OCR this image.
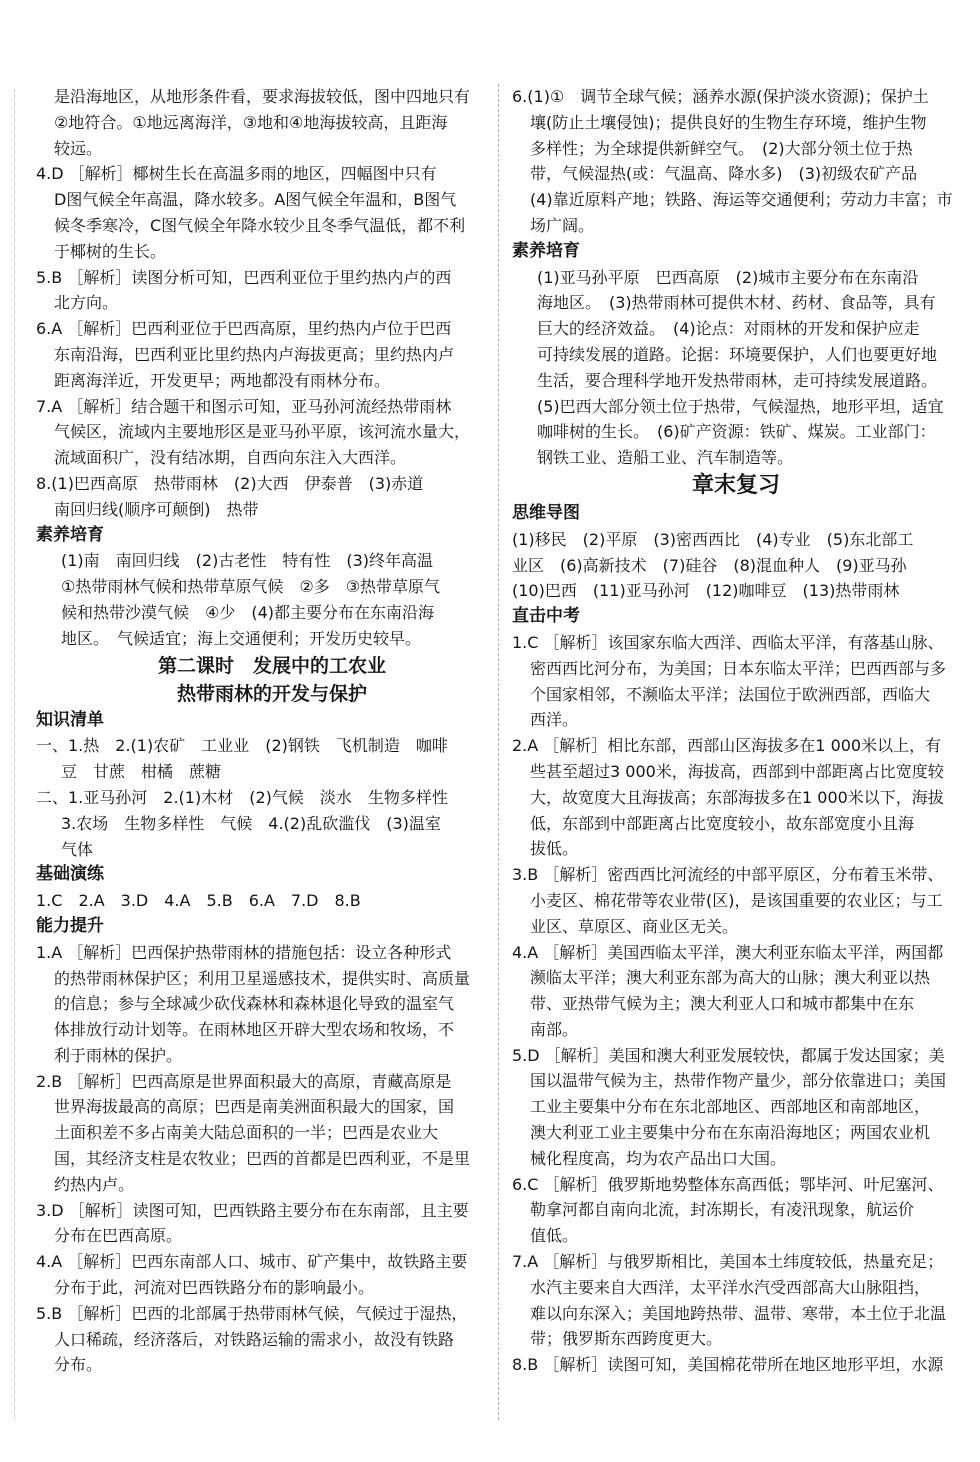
是沿海地区，从地形条件看，要求海拔较低，图中四地只有
②地符合。①地远离海洋，③地和④地海拔较高，且距海
较远。
4.D ［解析］椰树生长在高温多雨的地区，四幅图中只有
D图气候全年高温，降水较多。A图气候全年温和，B图气
候冬季寒冷，C图气候全年降水较少且冬季气温低，都不利
于椰树的生长。
5.B ［解析］读图分析可知，巴西利亚位于里约热内卢的西
北方向。
6.A ［解析］巴西利亚位于巴西高原，里约热内卢位于巴西
东南沿海，巴西利亚比里约热内卢海拔更高；里约热内卢
距离海洋近，开发更早；两地都没有雨林分布。
7.A ［解析］结合题干和图示可知，亚马孙河流经热带雨林
气候区，流域内主要地形区是亚马孙平原，该河流水量大，
流域面积广，没有结冰期，自西向东注入大西洋。
8.(1)巴西高原　热带雨林　(2)大西　伊泰普　(3)赤道
南回归线(顺序可颠倒)　热带
素养培育
(1)南　南回归线　(2)古老性　特有性　(3)终年高温
①热带雨林气候和热带草原气候　②多　③热带草原气
候和热带沙漠气候　④少　(4)都主要分布在东南沿海
地区。　气候适宜；海上交通便利；开发历史较早。
第二课时　发展中的工农业
热带雨林的开发与保护
知识清单
一、1.热　2.(1)农矿　工业业　(2)钢铁　飞机制造　咖啡
豆　甘蔗　柑橘　蔗糖
二、1.亚马孙河　2.(1)木材　(2)气候　淡水　生物多样性
3.农场　生物多样性　气候　4.(2)乱砍滥伐　(3)温室
气体
基础演练
1.C　2.A　3.D　4.A　5.B　6.A　7.D　8.B
能力提升
1.A ［解析］巴西保护热带雨林的措施包括：设立各种形式
的热带雨林保护区；利用卫星遥感技术，提供实时、高质量
的信息；参与全球减少砍伐森林和森林退化导致的温室气
体排放行动计划等。在雨林地区开辟大型农场和牧场，不
利于雨林的保护。
2.B ［解析］巴西高原是世界面积最大的高原，青藏高原是
世界海拔最高的高原；巴西是南美洲面积最大的国家，国
土面积差不多占南美大陆总面积的一半；巴西是农业大
国，其经济支柱是农牧业；巴西的首都是巴西利亚，不是里
约热内卢。
3.D ［解析］读图可知，巴西铁路主要分布在东南部，且主要
分布在巴西高原。
4.A ［解析］巴西东南部人口、城市、矿产集中，故铁路主要
分布于此，河流对巴西铁路分布的影响最小。
5.B ［解析］巴西的北部属于热带雨林气候，气候过于湿热，
人口稀疏，经济落后，对铁路运输的需求小，故没有铁路
分布。
6.(1)①　调节全球气候；涵养水源(保护淡水资源)；保护土
壤(防止土壤侵蚀)；提供良好的生物生存环境，维护生物
多样性；为全球提供新鲜空气。　(2)大部分领土位于热
带，气候湿热(或：气温高、降水多)　(3)初级农矿产品
(4)靠近原料产地；铁路、海运等交通便利；劳动力丰富；市
场广阔。
素养培育
(1)亚马孙平原　巴西高原　(2)城市主要分布在东南沿
海地区。　(3)热带雨林可提供木材、药材、食品等，具有
巨大的经济效益。　(4)论点：对雨林的开发和保护应走
可持续发展的道路。论据：环境要保护，人们也要更好地
生活，要合理科学地开发热带雨林，走可持续发展道路。
(5)巴西大部分领土位于热带，气候湿热，地形平坦，适宜
咖啡树的生长。　(6)矿产资源：铁矿、煤炭。工业部门：
钢铁工业、造船工业、汽车制造等。
章末复习
思维导图
(1)移民　(2)平原　(3)密西西比　(4)专业　(5)东北部工
业区　(6)高新技术　(7)硅谷　(8)混血种人　(9)亚马孙
(10)巴西　(11)亚马孙河　(12)咖啡豆　(13)热带雨林
直击中考
1.C ［解析］该国家东临大西洋、西临太平洋，有落基山脉、
密西西比河分布，为美国；日本东临太平洋；巴西西部与多
个国家相邻，不濒临太平洋；法国位于欧洲西部，西临大
西洋。
2.A ［解析］相比东部，西部山区海拔多在1 000米以上，有
些甚至超过3 000米，海拔高，西部到中部距离占比宽度较
大，故宽度大且海拔高；东部海拔多在1 000米以下，海拔
低，东部到中部距离占比宽度较小，故东部宽度小且海
拔低。
3.B ［解析］密西西比河流经的中部平原区，分布着玉米带、
小麦区、棉花带等农业带(区)，是该国重要的农业区；与工
业区、草原区、商业区无关。
4.A ［解析］美国西临太平洋，澳大利亚东临太平洋，两国都
濒临太平洋；澳大利亚东部为高大的山脉；澳大利亚以热
带、亚热带气候为主；澳大利亚人口和城市都集中在东
南部。
5.D ［解析］美国和澳大利亚发展较快，都属于发达国家；美
国以温带气候为主，热带作物产量少，部分依靠进口；美国
工业主要集中分布在东北部地区、西部地区和南部地区，
澳大利亚工业主要集中分布在东南沿海地区；两国农业机
械化程度高，均为农产品出口大国。
6.C ［解析］俄罗斯地势整体东高西低；鄂毕河、叶尼塞河、
勒拿河都自南向北流，封冻期长，有凌汛现象，航运价
值低。
7.A ［解析］与俄罗斯相比，美国本土纬度较低，热量充足；
水汽主要来自大西洋，太平洋水汽受西部高大山脉阻挡，
难以向东深入；美国地跨热带、温带、寒带，本土位于北温
带；俄罗斯东西跨度更大。
8.B ［解析］读图可知，美国棉花带所在地区地形平坦，水源
